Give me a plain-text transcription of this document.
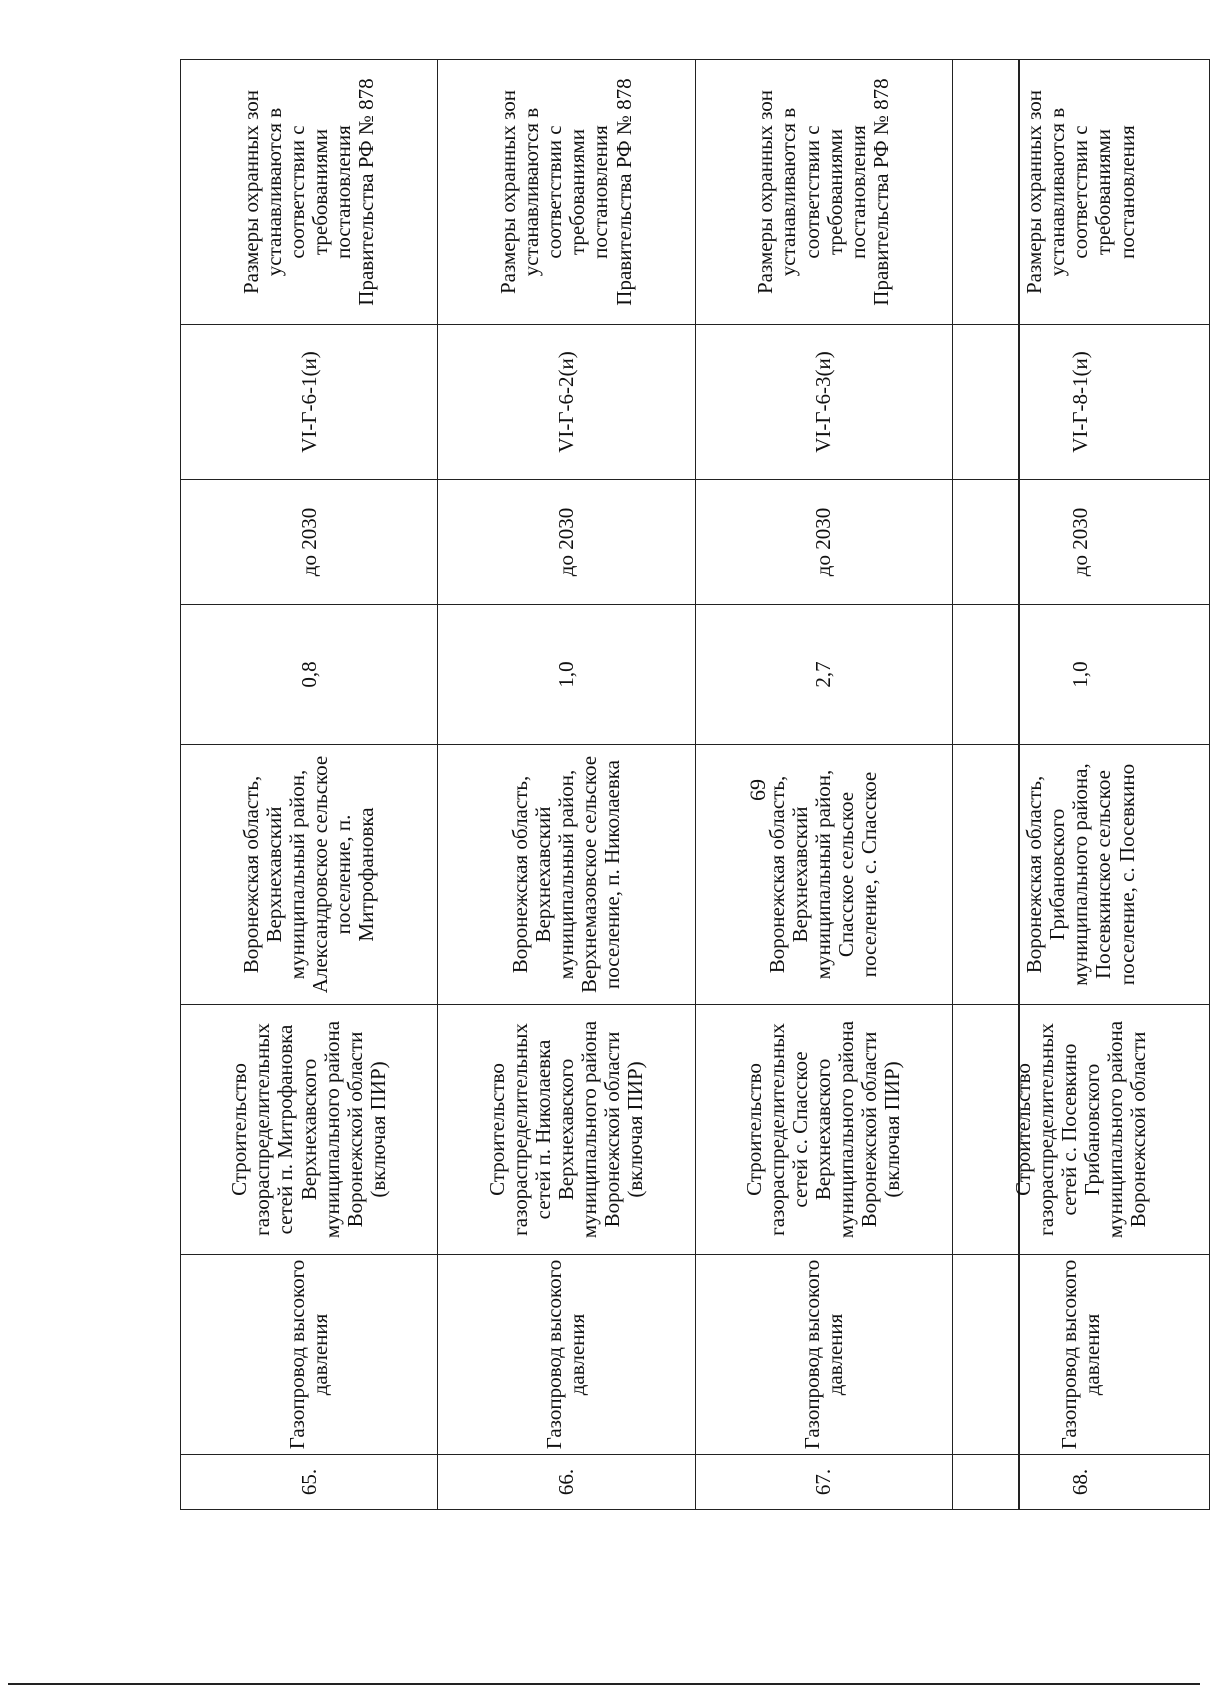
69
65.	Газопровод высокого давления	Строительство газораспределительных сетей п. Митрофановка Верхнехавского муниципального района Воронежской области (включая ПИР)	Воронежская область, Верхнехавский муниципальный район, Александровское сельское поселение, п. Митрофановка	0,8	до 2030	VI-Г-6-1(и)	Размеры охранных зон устанавливаются в соответствии с требованиями постановления Правительства РФ № 878
66.	Газопровод высокого давления	Строительство газораспределительных сетей п. Николаевка Верхнехавского муниципального района Воронежской области (включая ПИР)	Воронежская область, Верхнехавский муниципальный район, Верхнемазовское сельское поселение, п. Николаевка	1,0	до 2030	VI-Г-6-2(и)	Размеры охранных зон устанавливаются в соответствии с требованиями постановления Правительства РФ № 878
67.	Газопровод высокого давления	Строительство газораспределительных сетей с. Спасское Верхнехавского муниципального района Воронежской области (включая ПИР)	Воронежская область, Верхнехавский муниципальный район, Спасское сельское поселение, с. Спасское	2,7	до 2030	VI-Г-6-3(и)	Размеры охранных зон устанавливаются в соответствии с требованиями постановления Правительства РФ № 878
68.	Газопровод высокого давления	Строительство газораспределительных сетей с. Посевкино Грибановского муниципального района Воронежской области	Воронежская область, Грибановского муниципального района, Посевкинское сельское поселение, с. Посевкино	1,0	до 2030	VI-Г-8-1(и)	Размеры охранных зон устанавливаются в соответствии с требованиями постановления
